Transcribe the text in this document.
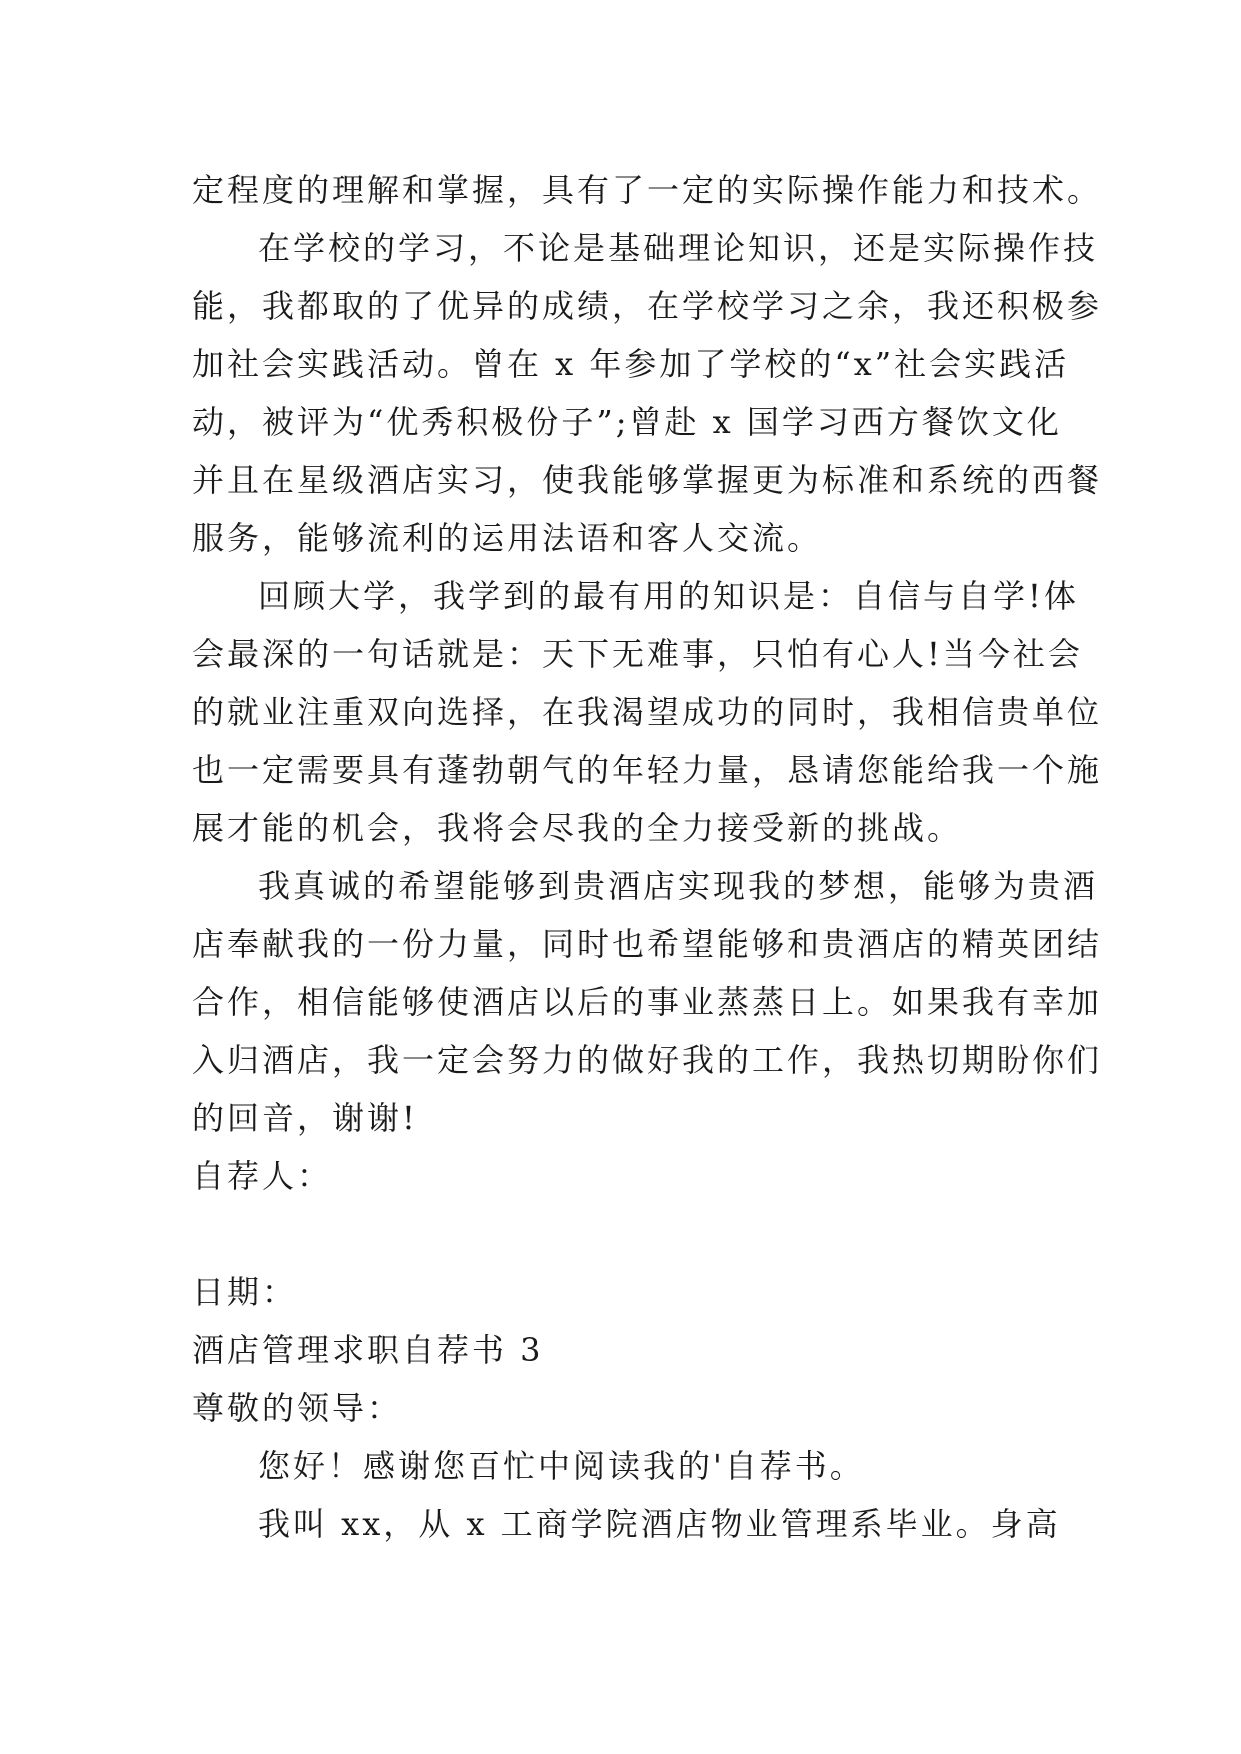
定程度的理解和掌握，具有了一定的实际操作能力和技术。
在学校的学习，不论是基础理论知识，还是实际操作技
能，我都取的了优异的成绩，在学校学习之余，我还积极参
加社会实践活动。曾在 x 年参加了学校的“x”社会实践活
动，被评为“优秀积极份子”;曾赴 x 国学习西方餐饮文化
并且在星级酒店实习，使我能够掌握更为标准和系统的西餐
服务，能够流利的运用法语和客人交流。
回顾大学，我学到的最有用的知识是：自信与自学!体
会最深的一句话就是：天下无难事，只怕有心人!当今社会
的就业注重双向选择，在我渴望成功的同时，我相信贵单位
也一定需要具有蓬勃朝气的年轻力量，恳请您能给我一个施
展才能的机会，我将会尽我的全力接受新的挑战。
我真诚的希望能够到贵酒店实现我的梦想，能够为贵酒
店奉献我的一份力量，同时也希望能够和贵酒店的精英团结
合作，相信能够使酒店以后的事业蒸蒸日上。如果我有幸加
入归酒店，我一定会努力的做好我的工作，我热切期盼你们
的回音，谢谢!
自荐人：
日期：
酒店管理求职自荐书 3
尊敬的领导：
您好！感谢您百忙中阅读我的'自荐书。
我叫 xx，从 x 工商学院酒店物业管理系毕业。身高
